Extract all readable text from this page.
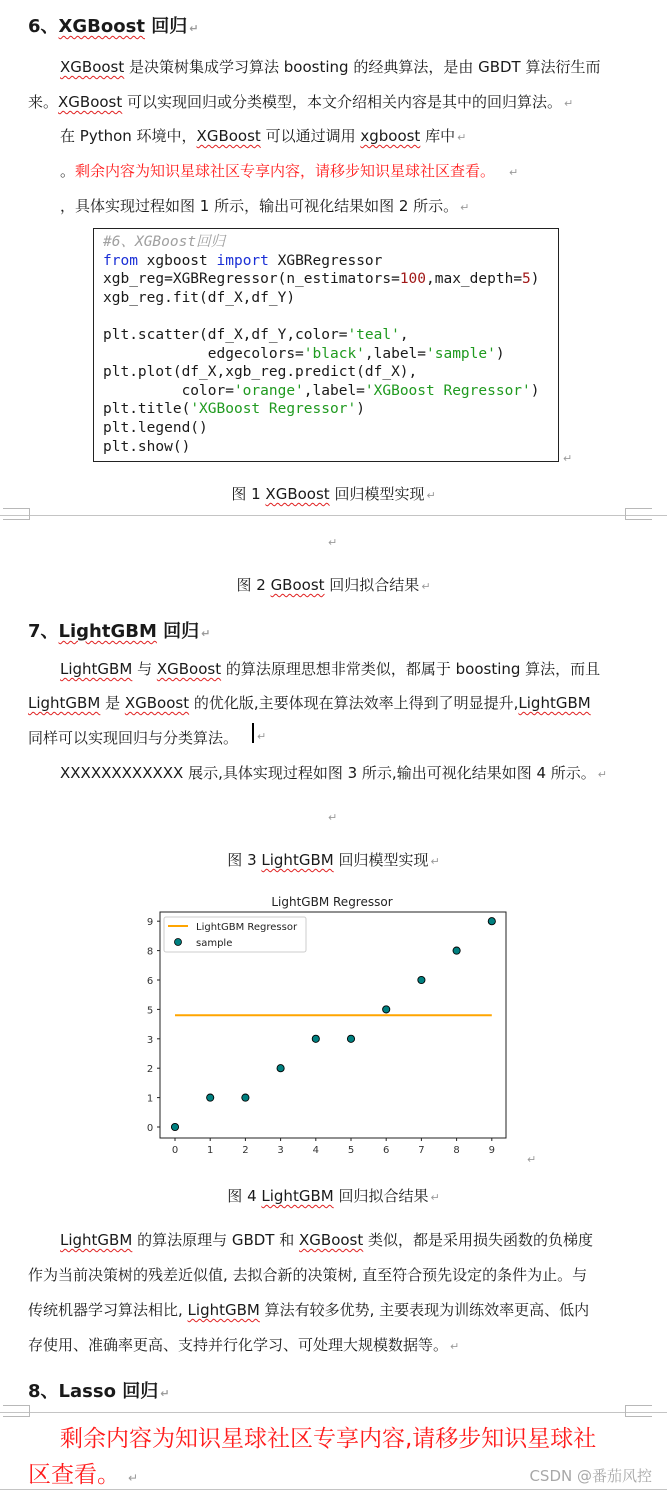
6、XGBoost 回归 ↵
XGBoost 是决策树集成学习算法 boosting 的经典算法，是由 GBDT 算法衍生而
来。XGBoost 可以实现回归或分类模型，本文介绍相关内容是其中的回归算法。 ↵
在 Python 环境中，XGBoost 可以通过调用 xgboost 库中 ↵
。剩余内容为知识星球社区专享内容，请移步知识星球社区查看。 ↵
，具体实现过程如图 1 所示，输出可视化结果如图 2 所示。 ↵
#6、XGBoost回归
from xgboost import XGBRegressor
xgb_reg=XGBRegressor(n_estimators=100,max_depth=5)
xgb_reg.fit(df_X,df_Y)
plt.scatter(df_X,df_Y,color='teal',
edgecolors='black',label='sample')
plt.plot(df_X,xgb_reg.predict(df_X),
color='orange',label='XGBoost Regressor')
plt.title('XGBoost Regressor')
plt.legend()
plt.show()
↵
图 1 XGBoost 回归模型实现 ↵
↵
图 2 GBoost 回归拟合结果 ↵
7、LightGBM 回归 ↵
LightGBM 与 XGBoost 的算法原理思想非常类似，都属于 boosting 算法，而且
LightGBM 是 XGBoost 的优化版,主要体现在算法效率上得到了明显提升,LightGBM
同样可以实现回归与分类算法。 ↵
XXXXXXXXXXXX 展示,具体实现过程如图 3 所示,输出可视化结果如图 4 所示。 ↵
↵
图 3 LightGBM 回归模型实现 ↵
LightGBM Regressor
0
1
2
3
5
6
8
9
0	1	2	3	4	5	6	7	8	9
LightGBM Regressor
sample
↵
图 4 LightGBM 回归拟合结果 ↵
LightGBM 的算法原理与 GBDT 和 XGBoost 类似，都是采用损失函数的负梯度
作为当前决策树的残差近似值, 去拟合新的决策树, 直至符合预先设定的条件为止。与
传统机器学习算法相比, LightGBM 算法有较多优势, 主要表现为训练效率更高、低内
存使用、准确率更高、支持并行化学习、可处理大规模数据等。 ↵
8、Lasso 回归 ↵
剩余内容为知识星球社区专享内容,请移步知识星球社
区查看。 ↵	CSDN @番茄风控
